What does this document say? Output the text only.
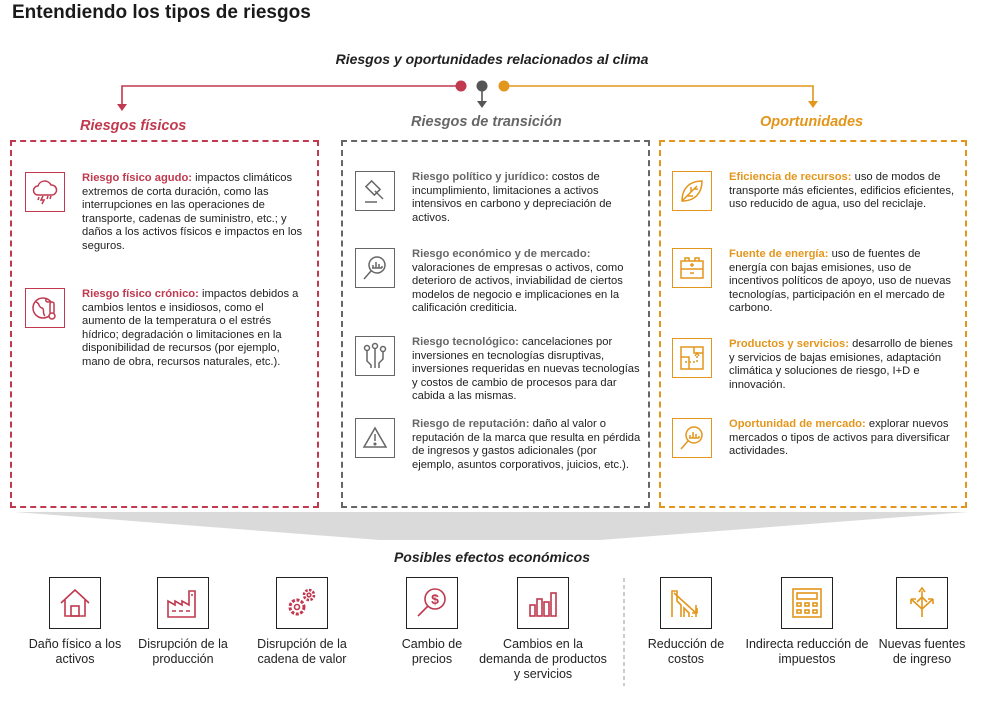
Entendiendo los tipos de riesgos
Riesgos y oportunidades relacionados al clima
Riesgos físicos	Riesgos de transición	Oportunidades
Riesgo físico agudo: impactos climáticos extremos de corta duración, como las interrupciones en las operaciones de transporte, cadenas de suministro, etc.; y daños a los activos físicos e impactos en los seguros.
Riesgo físico crónico: impactos debidos a cambios lentos e insidiosos, como el aumento de la temperatura o el estrés hídrico; degradación o limitaciones en la disponibilidad de recursos (por ejemplo, mano de obra, recursos naturales, etc.).
Riesgo político y jurídico: costos de incumplimiento, limitaciones a activos intensivos en carbono y depreciación de activos.
Riesgo económico y de mercado: valoraciones de empresas o activos, como deterioro de activos, inviabilidad de ciertos modelos de negocio e implicaciones en la calificación crediticia.
Riesgo tecnológico: cancelaciones por inversiones en tecnologías disruptivas, inversiones requeridas en nuevas tecnologías y costos de cambio de procesos para dar cabida a las mismas.
Riesgo de reputación: daño al valor o reputación de la marca que resulta en pérdida de ingresos y gastos adicionales (por ejemplo, asuntos corporativos, juicios, etc.).
Eficiencia de recursos: uso de modos de transporte más eficientes, edificios eficientes, uso reducido de agua, uso del reciclaje.
Fuente de energía: uso de fuentes de energía con bajas emisiones, uso de incentivos políticos de apoyo, uso de nuevas tecnologías, participación en el mercado de carbono.
Productos y servicios: desarrollo de bienes y servicios de bajas emisiones, adaptación climática y soluciones de riesgo, I+D e innovación.
Oportunidad de mercado: explorar nuevos mercados o tipos de activos para diversificar actividades.
Posibles efectos económicos
Daño físico a los activos
Disrupción de la producción
Disrupción de la cadena de valor
$
Cambio de precios
Cambios en la demanda de productos y servicios
Reducción de costos
Indirecta reducción de impuestos
Nuevas fuentes de ingreso
